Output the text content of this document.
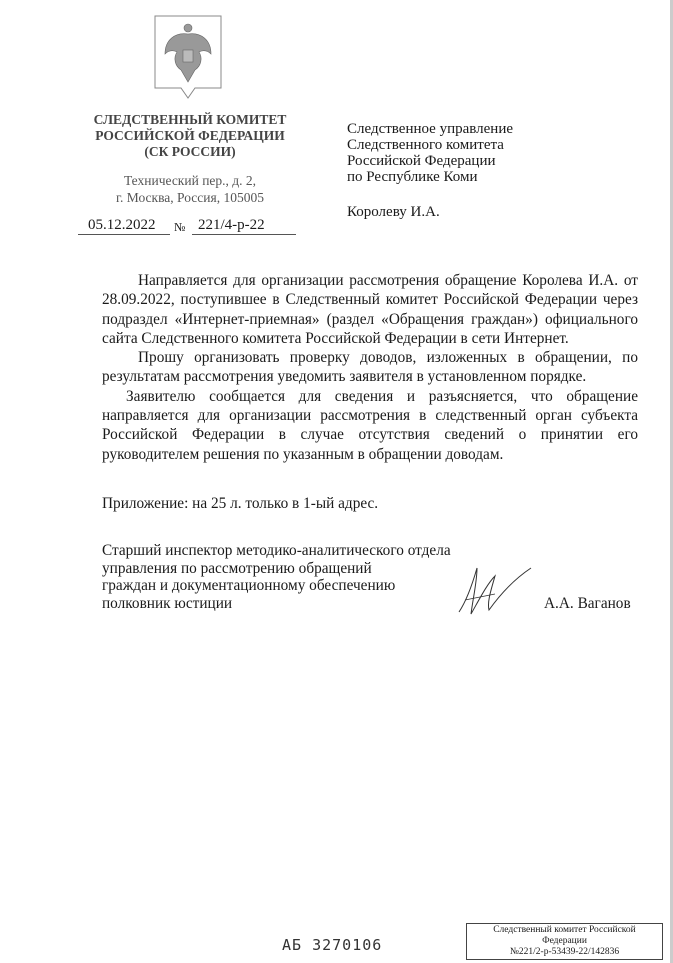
СЛЕДСТВЕННЫЙ КОМИТЕТ
РОССИЙСКОЙ ФЕДЕРАЦИИ
(СК РОССИИ)
Технический пер., д. 2,
г. Москва, Россия, 105005
05.12.2022 № 221/4-р-22
Следственное управление
Следственного комитета
Российской Федерации
по Республике Коми
Королеву И.А.

Направляется для организации рассмотрения обращение Королева И.А. от 28.09.2022, поступившее в Следственный комитет Российской Федерации через подраздел «Интернет-приемная» (раздел «Обращения граждан») официального сайта Следственного комитета Российской Федерации в сети Интернет.

Прошу организовать проверку доводов, изложенных в обращении, по результатам рассмотрения уведомить заявителя в установленном порядке.

Заявителю сообщается для сведения и разъясняется, что обращение направляется для организации рассмотрения в следственный орган субъекта Российской Федерации в случае отсутствия сведений о принятии его руководителем решения по указанным в обращении доводам.

Приложение: на 25 л. только в 1-ый адрес.
Старший инспектор методико-аналитического отдела
управления по рассмотрению обращений
граждан и документационному обеспечению
полковник юстиции	А.А. Ваганов
АБ 3270106
Следственный комитет Российской
Федерации
№221/2-р-53439-22/142836
